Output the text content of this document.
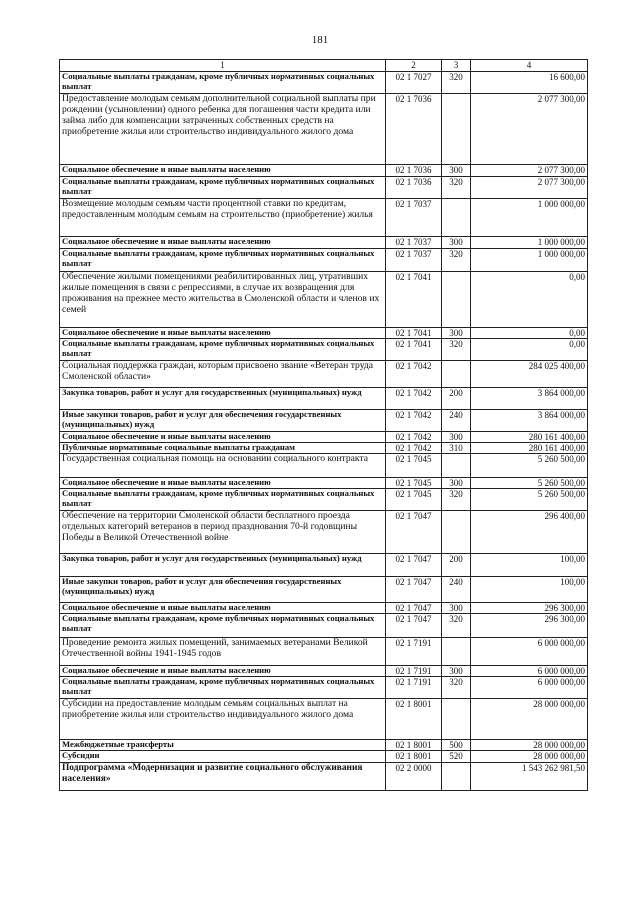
181
1	2	3	4
Социальные выплаты гражданам, кроме публичных нормативных социальных выплат	02 1 7027	320	16 600,00
Предоставление молодым семьям дополнительной социальной выплаты при рождении (усыновлении) одного ребенка для погашения части кредита или займа либо для компенсации затраченных собственных средств на приобретение жилья или строительство индивидуального жилого дома	02 1 7036		2 077 300,00
Социальное обеспечение и иные выплаты населению	02 1 7036	300	2 077 300,00
Социальные выплаты гражданам, кроме публичных нормативных социальных выплат	02 1 7036	320	2 077 300,00
Возмещение молодым семьям части процентной ставки по кредитам, предоставленным молодым семьям на строительство (приобретение) жилья	02 1 7037		1 000 000,00
Социальное обеспечение и иные выплаты населению	02 1 7037	300	1 000 000,00
Социальные выплаты гражданам, кроме публичных нормативных социальных выплат	02 1 7037	320	1 000 000,00
Обеспечение жилыми помещениями реабилитированных лиц, утративших жилые помещения в связи с репрессиями, в случае их возвращения для проживания на прежнее место жительства в Смоленской области и членов их семей	02 1 7041		0,00
Социальное обеспечение и иные выплаты населению	02 1 7041	300	0,00
Социальные выплаты гражданам, кроме публичных нормативных социальных выплат	02 1 7041	320	0,00
Социальная поддержка граждан, которым присвоено звание «Ветеран труда Смоленской области»	02 1 7042		284 025 400,00
Закупка товаров, работ и услуг для государственных (муниципальных) нужд	02 1 7042	200	3 864 000,00
Иные закупки товаров, работ и услуг для обеспечения государственных (муниципальных) нужд	02 1 7042	240	3 864 000,00
Социальное обеспечение и иные выплаты населению	02 1 7042	300	280 161 400,00
Публичные нормативные социальные выплаты гражданам	02 1 7042	310	280 161 400,00
Государственная социальная помощь на основании социального контракта	02 1 7045		5 260 500,00
Социальное обеспечение и иные выплаты населению	02 1 7045	300	5 260 500,00
Социальные выплаты гражданам, кроме публичных нормативных социальных выплат	02 1 7045	320	5 260 500,00
Обеспечение на территории Смоленской области бесплатного проезда отдельных категорий ветеранов в период празднования 70-й годовщины Победы в Великой Отечественной войне	02 1 7047		296 400,00
Закупка товаров, работ и услуг для государственных (муниципальных) нужд	02 1 7047	200	100,00
Иные закупки товаров, работ и услуг для обеспечения государственных (муниципальных) нужд	02 1 7047	240	100,00
Социальное обеспечение и иные выплаты населению	02 1 7047	300	296 300,00
Социальные выплаты гражданам, кроме публичных нормативных социальных выплат	02 1 7047	320	296 300,00
Проведение ремонта жилых помещений, занимаемых ветеранами Великой Отечественной войны 1941-1945 годов	02 1 7191		6 000 000,00
Социальное обеспечение и иные выплаты населению	02 1 7191	300	6 000 000,00
Социальные выплаты гражданам, кроме публичных нормативных социальных выплат	02 1 7191	320	6 000 000,00
Субсидии на предоставление молодым семьям социальных выплат на приобретение жилья или строительство индивидуального жилого дома	02 1 8001		28 000 000,00
Межбюджетные трансферты	02 1 8001	500	28 000 000,00
Субсидии	02 1 8001	520	28 000 000,00
Подпрограмма «Модернизация и развитие социального обслуживания населения»	02 2 0000		1 543 262 981,50
